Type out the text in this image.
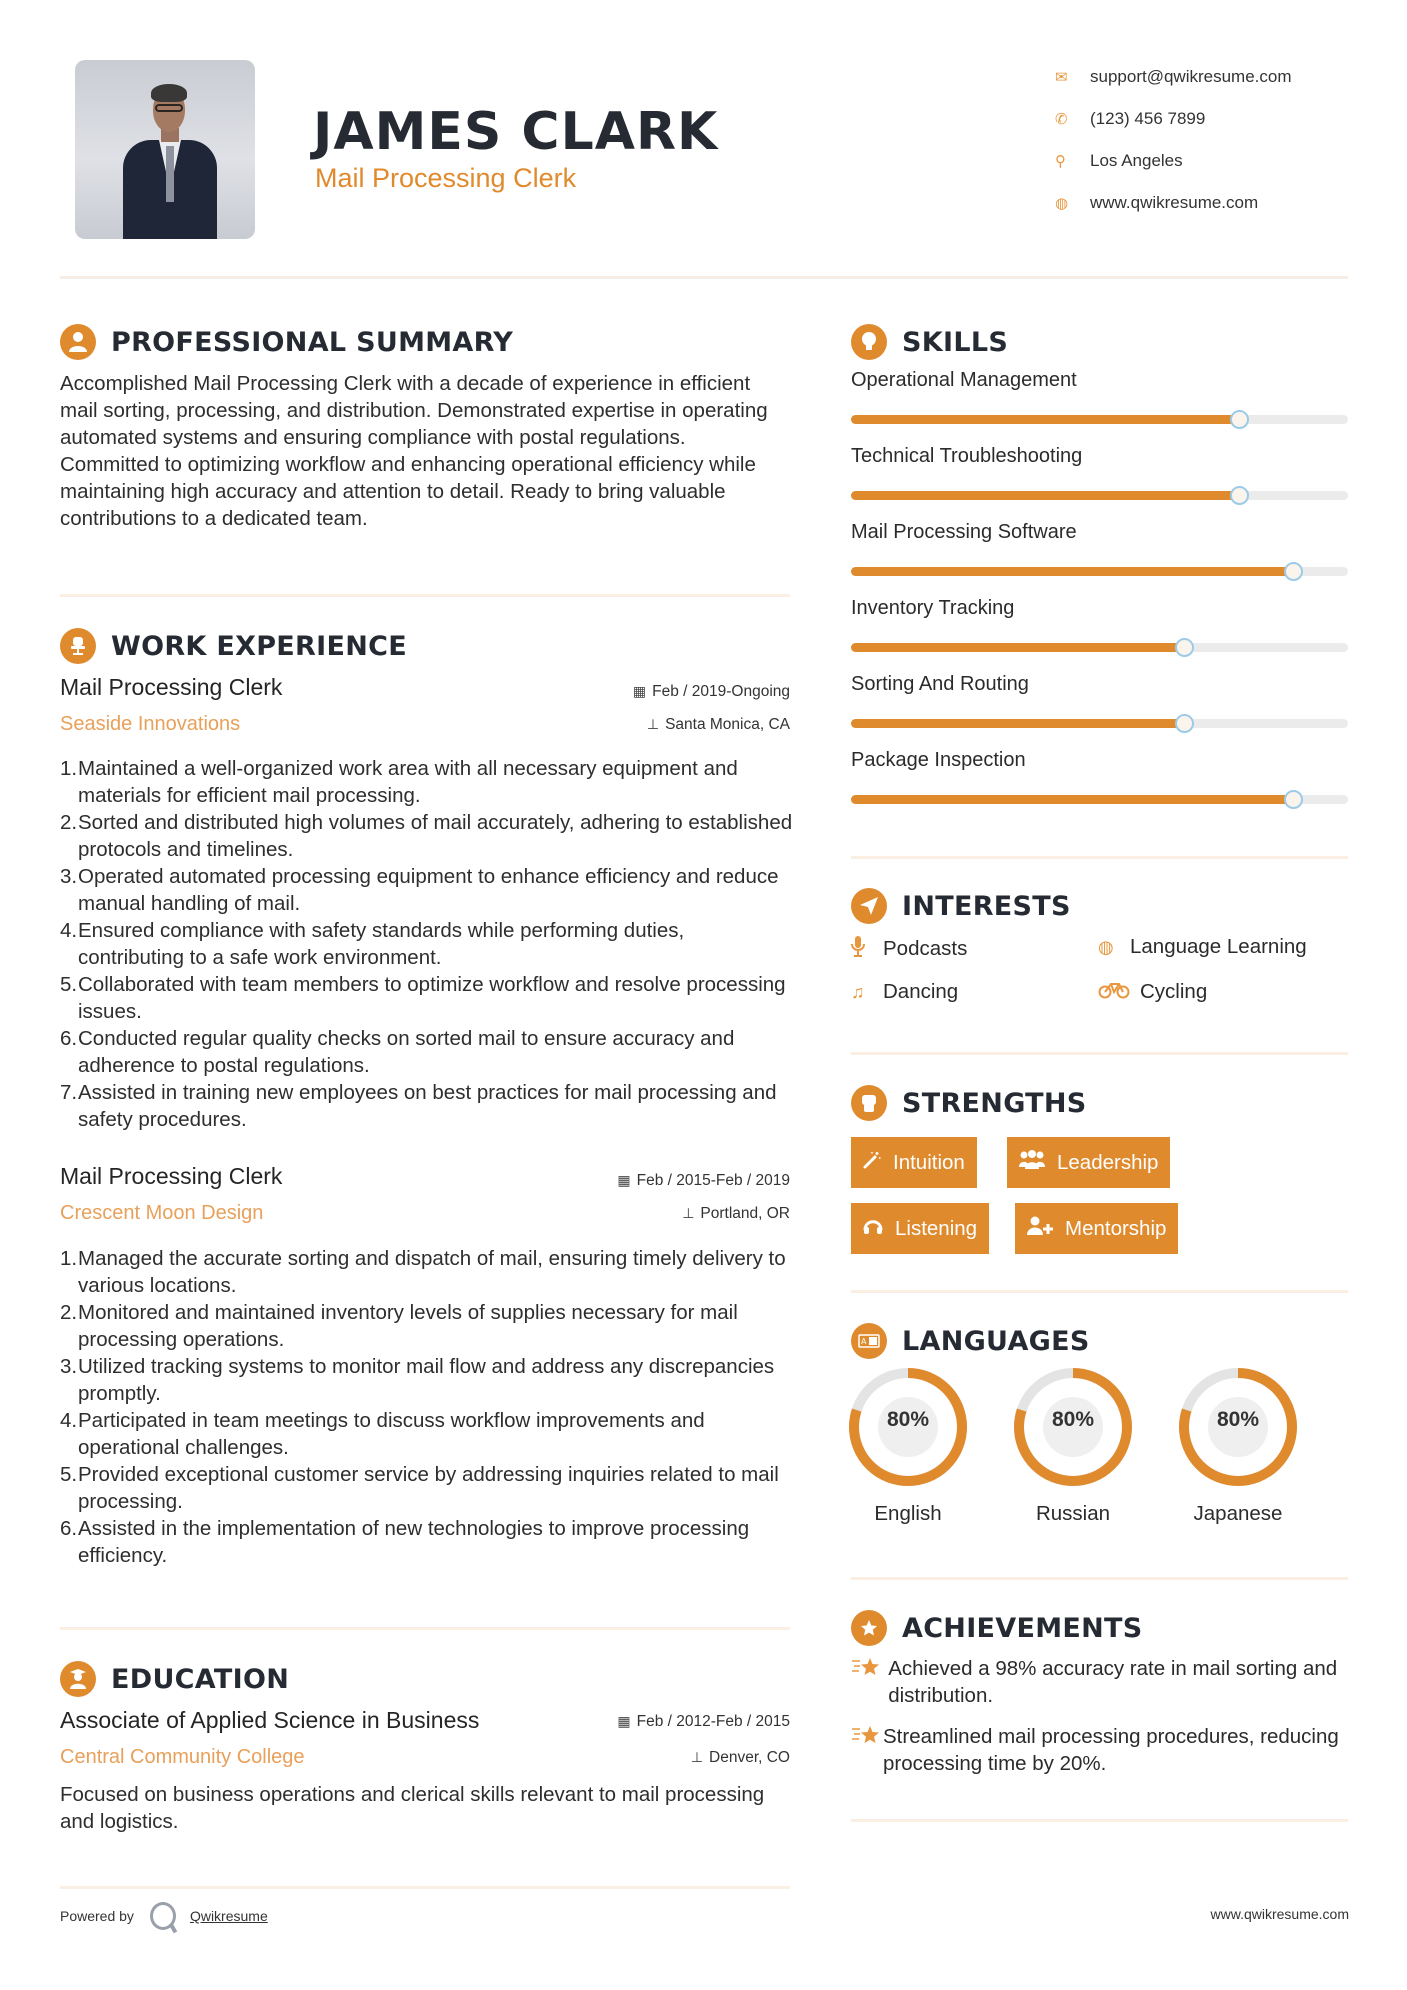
JAMES CLARK
Mail Processing Clerk
✉	support@qwikresume.com
✆	(123) 456 7899
⚲	Los Angeles
◍	www.qwikresume.com
PROFESSIONAL SUMMARY
Accomplished Mail Processing Clerk with a decade of experience in efficient mail sorting, processing, and distribution. Demonstrated expertise in operating automated systems and ensuring compliance with postal regulations. Committed to optimizing workflow and enhancing operational efficiency while maintaining high accuracy and attention to detail. Ready to bring valuable contributions to a dedicated team.
WORK EXPERIENCE
Mail Processing Clerk	▦ Feb / 2019-Ongoing
Seaside Innovations	⊥ Santa Monica, CA
1. Maintained a well-organized work area with all necessary equipment and materials for efficient mail processing.
2. Sorted and distributed high volumes of mail accurately, adhering to established protocols and timelines.
3. Operated automated processing equipment to enhance efficiency and reduce manual handling of mail.
4. Ensured compliance with safety standards while performing duties, contributing to a safe work environment.
5. Collaborated with team members to optimize workflow and resolve processing issues.
6. Conducted regular quality checks on sorted mail to ensure accuracy and adherence to postal regulations.
7. Assisted in training new employees on best practices for mail processing and safety procedures.
Mail Processing Clerk	▦ Feb / 2015-Feb / 2019
Crescent Moon Design	⊥ Portland, OR
1. Managed the accurate sorting and dispatch of mail, ensuring timely delivery to various locations.
2. Monitored and maintained inventory levels of supplies necessary for mail processing operations.
3. Utilized tracking systems to monitor mail flow and address any discrepancies promptly.
4. Participated in team meetings to discuss workflow improvements and operational challenges.
5. Provided exceptional customer service by addressing inquiries related to mail processing.
6. Assisted in the implementation of new technologies to improve processing efficiency.
EDUCATION
Associate of Applied Science in Business	▦ Feb / 2012-Feb / 2015
Central Community College	⊥ Denver, CO
Focused on business operations and clerical skills relevant to mail processing and logistics.
SKILLS
Operational Management
Technical Troubleshooting
Mail Processing Software
Inventory Tracking
Sorting And Routing
Package Inspection
INTERESTS
Podcasts	◍ Language Learning
♫ Dancing	Cycling
STRENGTHS
Intuition	Leadership
Listening	Mentorship
A LANGUAGES
80%
English
80%
Russian
80%
Japanese
ACHIEVEMENTS
Achieved a 98% accuracy rate in mail sorting and distribution.
Streamlined mail processing procedures, reducing processing time by 20%.
Powered by	Qwikresume	www.qwikresume.com
